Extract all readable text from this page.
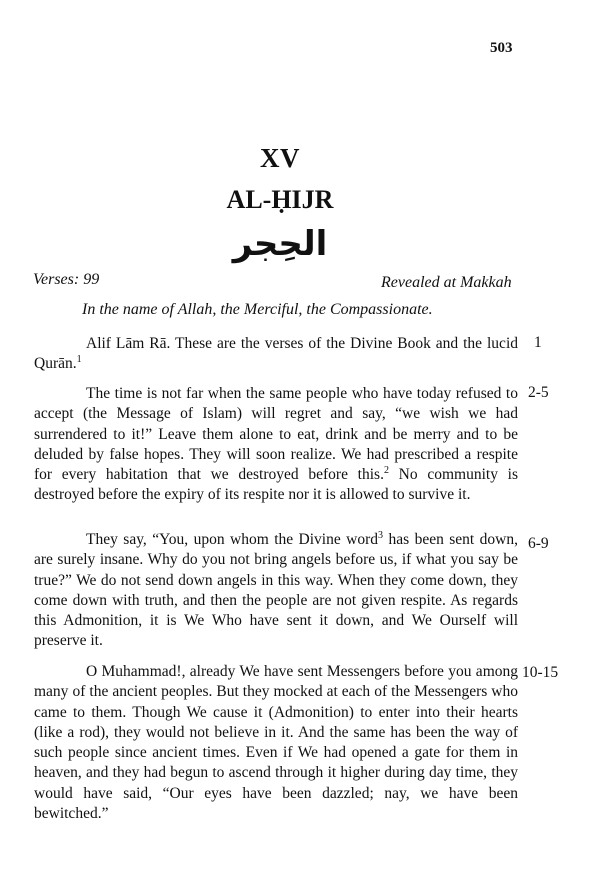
503
XV
AL-ḤIJR
الحِجر
Verses: 99	Revealed at Makkah
In the name of Allah, the Merciful, the Compassionate.
Alif Lām Rā. These are the verses of the Divine Book and the lucid Qurān.$^1$
1
The time is not far when the same people who have today refused to accept (the Message of Islam) will regret and say, “we wish we had surrendered to it!” Leave them alone to eat, drink and be merry and to be deluded by false hopes. They will soon realize. We had prescribed a respite for every habitation that we destroyed before this.$^2$ No community is destroyed before the expiry of its respite nor it is allowed to survive it.
2-5
They say, “You, upon whom the Divine word$^3$ has been sent down, are surely insane. Why do you not bring angels before us, if what you say be true?” We do not send down angels in this way. When they come down, they come down with truth, and then the people are not given respite. As regards this Admonition, it is We Who have sent it down, and We Ourself will preserve it.
6-9
O Muhammad!, already We have sent Messengers before you among many of the ancient peoples. But they mocked at each of the Messengers who came to them. Though We cause it (Admonition) to enter into their hearts (like a rod), they would not believe in it. And the same has been the way of such people since ancient times. Even if We had opened a gate for them in heaven, and they had begun to ascend through it higher during day time, they would have said, “Our eyes have been dazzled; nay, we have been bewitched.”
10-15
